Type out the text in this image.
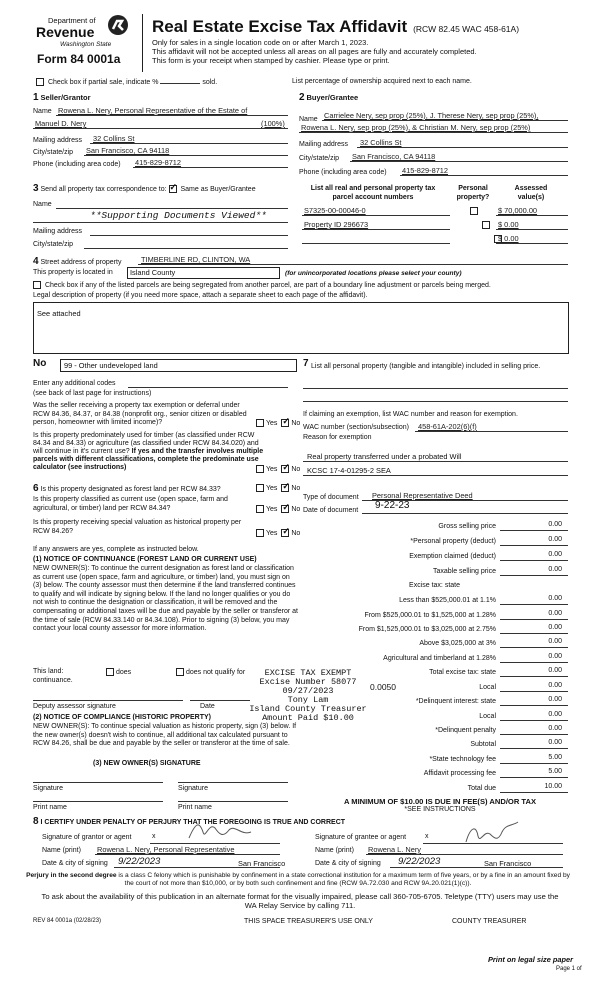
Department of
Revenue
Washington State
Form 84 0001a
Real Estate Excise Tax Affidavit (RCW 82.45 WAC 458-61A)
Only for sales in a single location code on or after March 1, 2023.
This affidavit will not be accepted unless all areas on all pages are fully and accurately completed.
This form is your receipt when stamped by cashier. Please type or print.
Check box if partial sale, indicate %	sold.	List percentage of ownership acquired next to each name.
1 Seller/Grantor
Name Rowena L. Nery, Personal Representative of the Estate of
Manuel D. Nery	(100%)
Mailing address 32 Collins St
City/state/zip San Francisco, CA 94118
Phone (including area code) 415-829-8712
2 Buyer/Grantee
Name Carrielee Nery, sep prop (25%), J. Therese Nery, sep prop (25%),
Rowena L. Nery, sep prop (25%), & Christian M. Nery, sep prop (25%)
Mailing address 32 Collins St
City/state/zip San Francisco, CA 94118
Phone (including area code) 415-829-8712
List all real and personal property tax parcel account numbers
Personal property?
Assessed value(s)
S7325-00-00046-0
	$ 70,000.00
Property ID 296673
	$ 0.00
$ 0.00
3 Send all property tax correspondence to: ✓ Same as Buyer/Grantee
Name
**Supporting Documents Viewed**
Mailing address
City/state/zip
4 Street address of property	TIMBERLINE RD, CLINTON, WA
This property is located in Island County	(for unincorporated locations please select your county)
Check box if any of the listed parcels are being segregated from another parcel, are part of a boundary line adjustment or parcels being merged.
Legal description of property (if you need more space, attach a separate sheet to each page of the affidavit).
See attached
No 99 - Other undeveloped land
Enter any additional codes
(see back of last page for instructions)
Was the seller receiving a property tax exemption or deferral under RCW 84.36, 84.37, or 84.38 (nonprofit org., senior citizen or disabled person, homeowner with limited income)?	Yes ✓ No
Is this property predominately used for timber (as classified under RCW 84.34 and 84.33) or agriculture (as classified under RCW 84.34.020) and will continue in it's current use? If yes and the transfer involves multiple parcels with different classifications, complete the predominate use calculator (see instructions)	Yes ✓ No
6 Is this property designated as forest land per RCW 84.33?	Yes ✓ No
Is this property classified as current use (open space, farm and agricultural, or timber) land per RCW 84.34?	Yes ✓ No
Is this property receiving special valuation as historical property per RCW 84.26?	Yes ✓ No
If any answers are yes, complete as instructed below.
(1) NOTICE OF CONTINUANCE (FOREST LAND OR CURRENT USE)
NEW OWNER(S): To continue the current designation as forest land or classification as current use (open space, farm and agriculture, or timber) land, you must sign on (3) below. The county assessor must then determine if the land transferred continues to qualify and will indicate by signing below. If the land no longer qualifies or you do not wish to continue the designation or classification, it will be removed and the compensating or additional taxes will be due and payable by the seller or transferor at the time of sale (RCW 84.33.140 or 84.34.108). Prior to signing (3) below, you may contact your local county assessor for more information.
This land:	does	does not qualify for
continuance.
Deputy assessor signature	Date
(2) NOTICE OF COMPLIANCE (HISTORIC PROPERTY)
NEW OWNER(S): To continue special valuation as historic property, sign (3) below. If the new owner(s) doesn't wish to continue, all additional tax calculated pursuant to RCW 84.26, shall be due and payable by the seller or transferor at the time of sale.
(3) NEW OWNER(S) SIGNATURE
Signature	Signature
Print name	Print name
EXCISE TAX EXEMPT
Excise Number 58077
09/27/2023
Tony Lam
Island County Treasurer
Amount Paid $10.00
7 List all personal property (tangible and intangible) included in selling price.
If claiming an exemption, list WAC number and reason for exemption.
WAC number (section/subsection) 458-61A-202(6)(f)
Reason for exemption
Real property transferred under a probated Will
KCSC 17-4-01295-2 SEA
Type of document Personal Representative Deed
Date of document 9-22-23
Gross selling price	0.00
*Personal property (deduct)	0.00
Exemption claimed (deduct)	0.00
Taxable selling price	0.00
Excise tax: state
Less than $525,000.01 at 1.1%	0.00
From $525,000.01 to $1,525,000 at 1.28%	0.00
From $1,525,000.01 to $3,025,000 at 2.75%	0.00
Above $3,025,000 at 3%	0.00
Agricultural and timberland at 1.28%	0.00
Total excise tax: state	0.00
0.0050	Local	0.00
*Delinquent interest: state	0.00
Local	0.00
*Delinquent penalty	0.00
Subtotal	0.00
*State technology fee	5.00
Affidavit processing fee	5.00
Total due	10.00
A MINIMUM OF $10.00 IS DUE IN FEE(S) AND/OR TAX
*SEE INSTRUCTIONS
8 I CERTIFY UNDER PENALTY OF PERJURY THAT THE FOREGOING IS TRUE AND CORRECT
Signature of grantor or agent	x
Name (print) Rowena L. Nery, Personal Representative
Date & city of signing 9/22/2023	San Francisco
Signature of grantee or agent	x
Name (print) Rowena L. Nery
Date & city of signing 9/22/2023	San Francisco
Perjury in the second degree is a class C felony which is punishable by confinement in a state correctional institution for a maximum term of five years, or by a fine in an amount fixed by the court of not more than $10,000, or by both such confinement and fine (RCW 9A.72.030 and RCW 9A.20.021(1)(c)).
To ask about the availability of this publication in an alternate format for the visually impaired, please call 360-705-6705. Teletype (TTY) users may use the WA Relay Service by calling 711.
REV 84 0001a (02/28/23)	THIS SPACE TREASURER'S USE ONLY	COUNTY TREASURER
Print on legal size paper
Page 1 of
